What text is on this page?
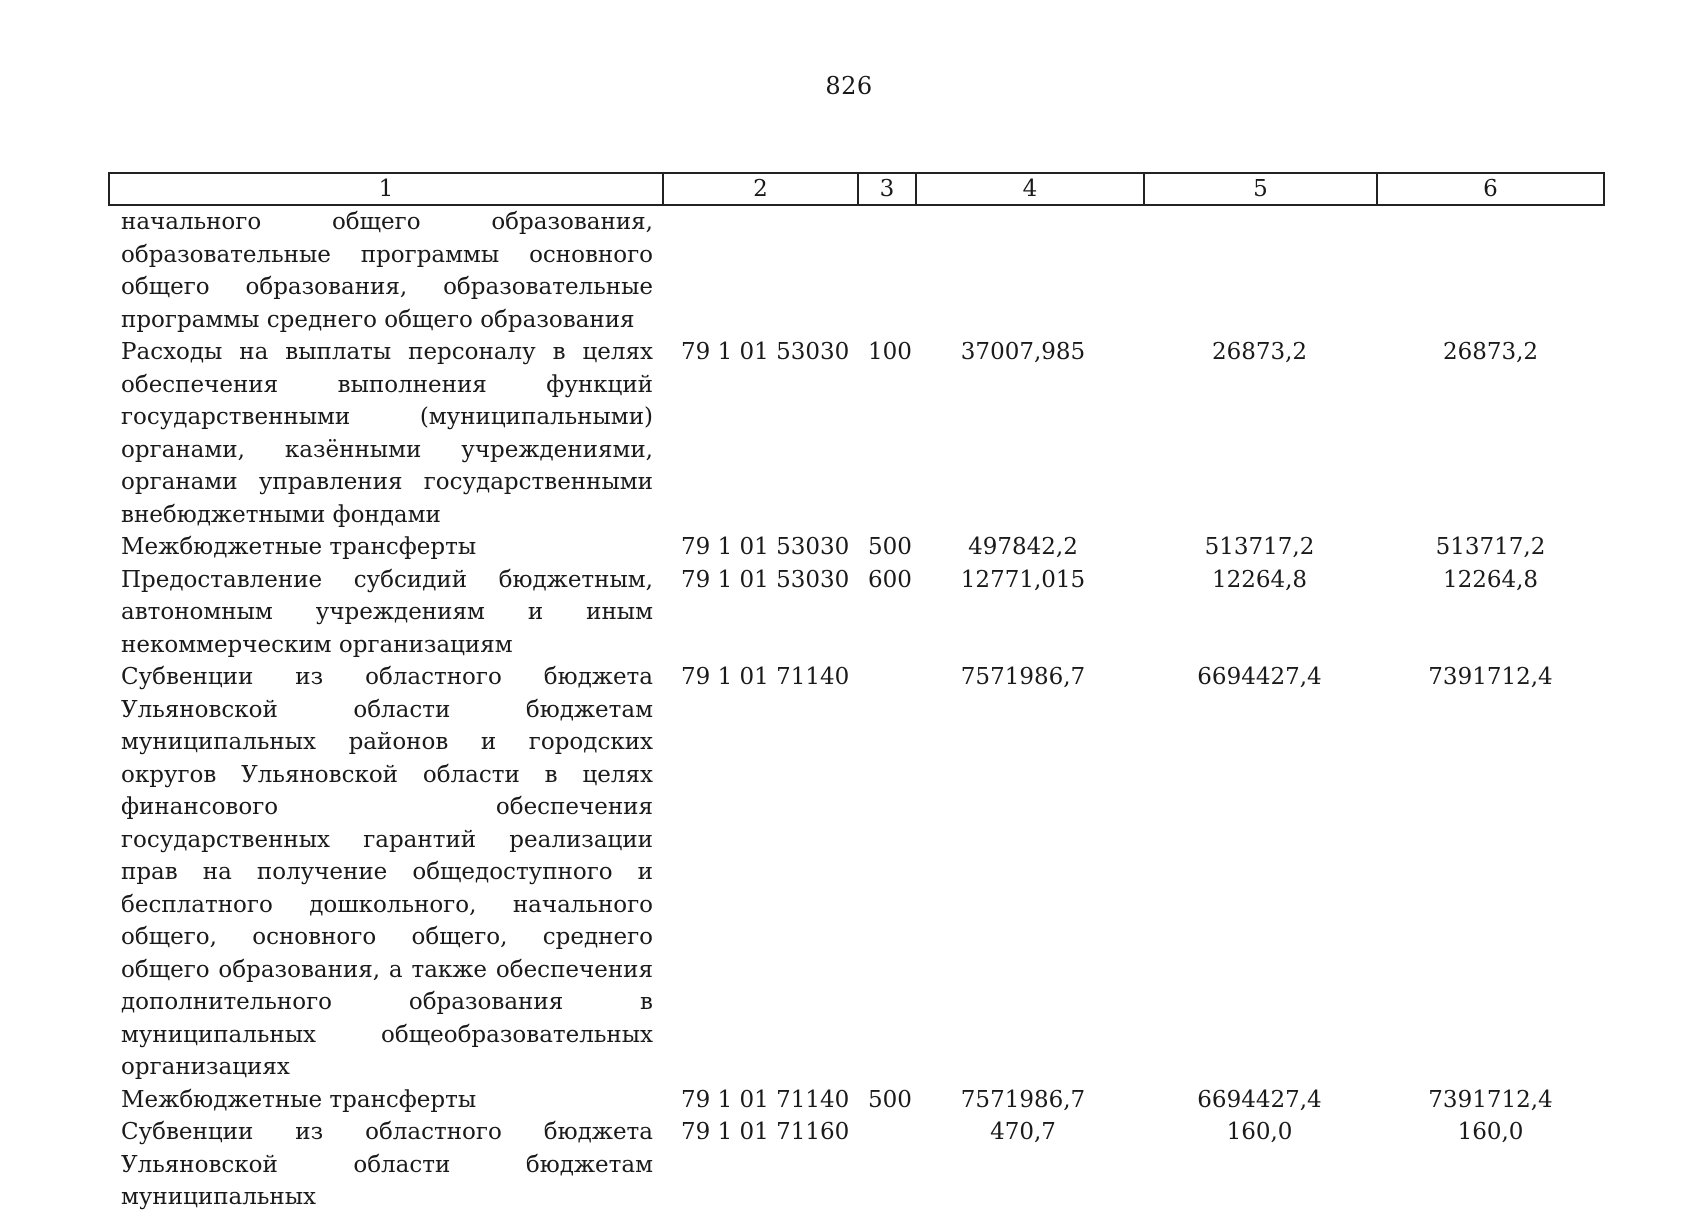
826
1	2	3	4	5	6
начального общего образования, образовательные программы основного общего образования, образовательные программы среднего общего образования					
Расходы на выплаты персоналу в целях обеспечения выполнения функций государственными (муниципальными) органами, казёнными учреждениями, органами управления государственными внебюджетными фондами	79 1 01 53030	100	37007,985	26873,2	26873,2
Межбюджетные трансферты	79 1 01 53030	500	497842,2	513717,2	513717,2
Предоставление субсидий бюджетным, автономным учреждениям и иным некоммерческим организациям	79 1 01 53030	600	12771,015	12264,8	12264,8
Субвенции из областного бюджета Ульяновской области бюджетам муниципальных районов и городских округов Ульяновской области в целях финансового обеспечения государственных гарантий реализации прав на получение общедоступного и бесплатного дошкольного, начального общего, основного общего, среднего общего образования, а также обеспечения дополнительного образования в муниципальных общеобразовательных организациях	79 1 01 71140		7571986,7	6694427,4	7391712,4
Межбюджетные трансферты	79 1 01 71140	500	7571986,7	6694427,4	7391712,4
Субвенции из областного бюджета Ульяновской области бюджетам муниципальных	79 1 01 71160		470,7	160,0	160,0
